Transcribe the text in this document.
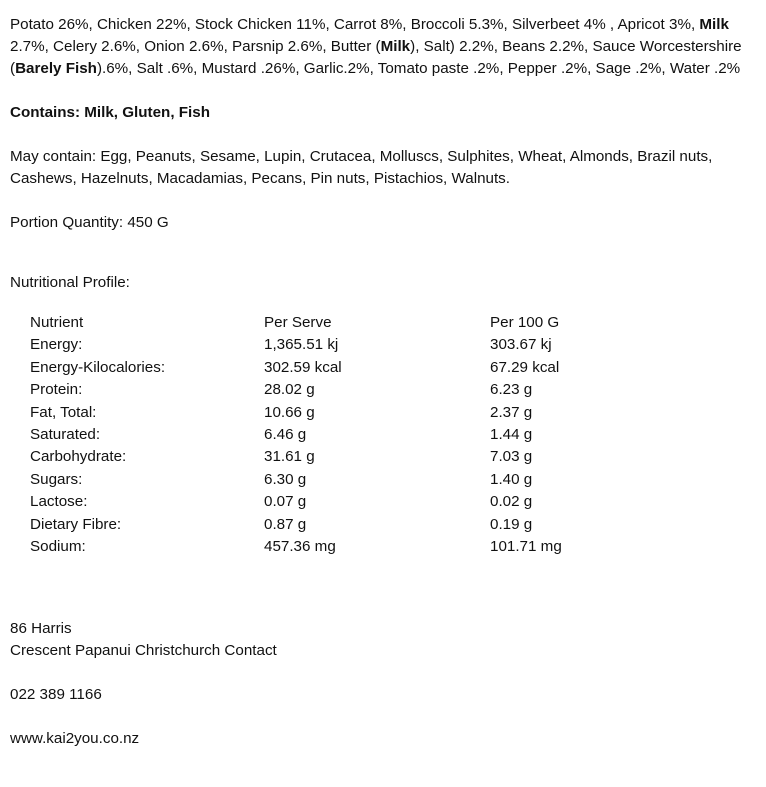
Potato 26%, Chicken 22%, Stock Chicken 11%, Carrot 8%, Broccoli 5.3%, Silverbeet 4% , Apricot 3%, Milk 2.7%, Celery 2.6%, Onion 2.6%, Parsnip 2.6%, Butter (Milk), Salt) 2.2%, Beans 2.2%, Sauce Worcestershire (Barely Fish).6%, Salt .6%, Mustard .26%, Garlic.2%, Tomato paste .2%, Pepper .2%, Sage .2%, Water .2%

Contains: Milk, Gluten, Fish

May contain: Egg, Peanuts, Sesame, Lupin, Crutacea, Molluscs, Sulphites, Wheat, Almonds, Brazil nuts, Cashews, Hazelnuts, Macadamias, Pecans, Pin nuts, Pistachios, Walnuts.

Portion Quantity: 450 G

Nutritional Profile:

Nutrient	Per Serve	Per 100 G
Energy:	1,365.51 kj	303.67 kj
Energy-Kilocalories:	302.59 kcal	67.29 kcal
Protein:	28.02 g	6.23 g
Fat, Total:	10.66 g	2.37 g
Saturated:	6.46 g	1.44 g
Carbohydrate:	31.61 g	7.03 g
Sugars:	6.30 g	1.40 g
Lactose:	0.07 g	0.02 g
Dietary Fibre:	0.87 g	0.19 g
Sodium:	457.36 mg	101.71 mg

86 Harris

Crescent Papanui Christchurch Contact

022 389 1166

www.kai2you.co.nz
